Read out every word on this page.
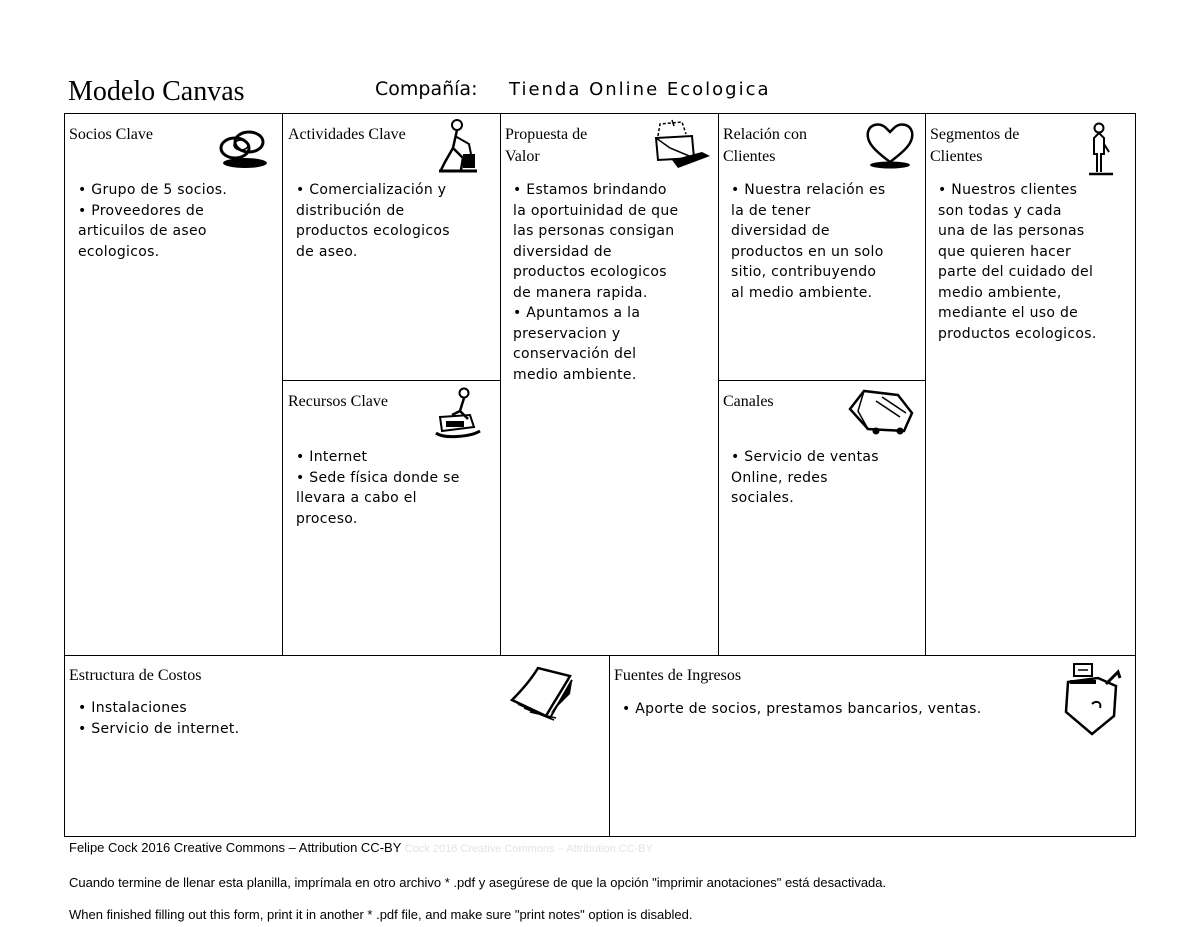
Modelo Canvas	Compañía: Tienda Online Ecologica
Socios Clave
• Grupo de 5 socios.
• Proveedores de
articuilos de aseo
ecologicos.
Actividades Clave
• Comercialización y
distribución de
productos ecologicos
de aseo.
Propuesta de
Valor
• Estamos brindando
la oportuinidad de que
las personas consigan
diversidad de
productos ecologicos
de manera rapida.
• Apuntamos a la
preservacion y
conservación del
medio ambiente.
Relación con
Clientes
• Nuestra relación es
la de tener
diversidad de
productos en un solo
sitio, contribuyendo
al medio ambiente.
Segmentos de
Clientes
• Nuestros clientes
son todas y cada
una de las personas
que quieren hacer
parte del cuidado del
medio ambiente,
mediante el uso de
productos ecologicos.
Recursos Clave
• Internet
• Sede física donde se
llevara a cabo el
proceso.
Canales
• Servicio de ventas
Online, redes
sociales.
Estructura de Costos
• Instalaciones
• Servicio de internet.
Fuentes de Ingresos
• Aporte de socios, prestamos bancarios, ventas.
Felipe Cock 2016 Creative Commons – Attribution CC-BY Cock 2016 Creative Commons – Attribution CC-BY
Cuando termine de llenar esta planilla, imprímala en otro archivo * .pdf y asegúrese de que la opción "imprimir anotaciones" está desactivada.
When finished filling out this form, print it in another * .pdf file, and make sure "print notes" option is disabled.
